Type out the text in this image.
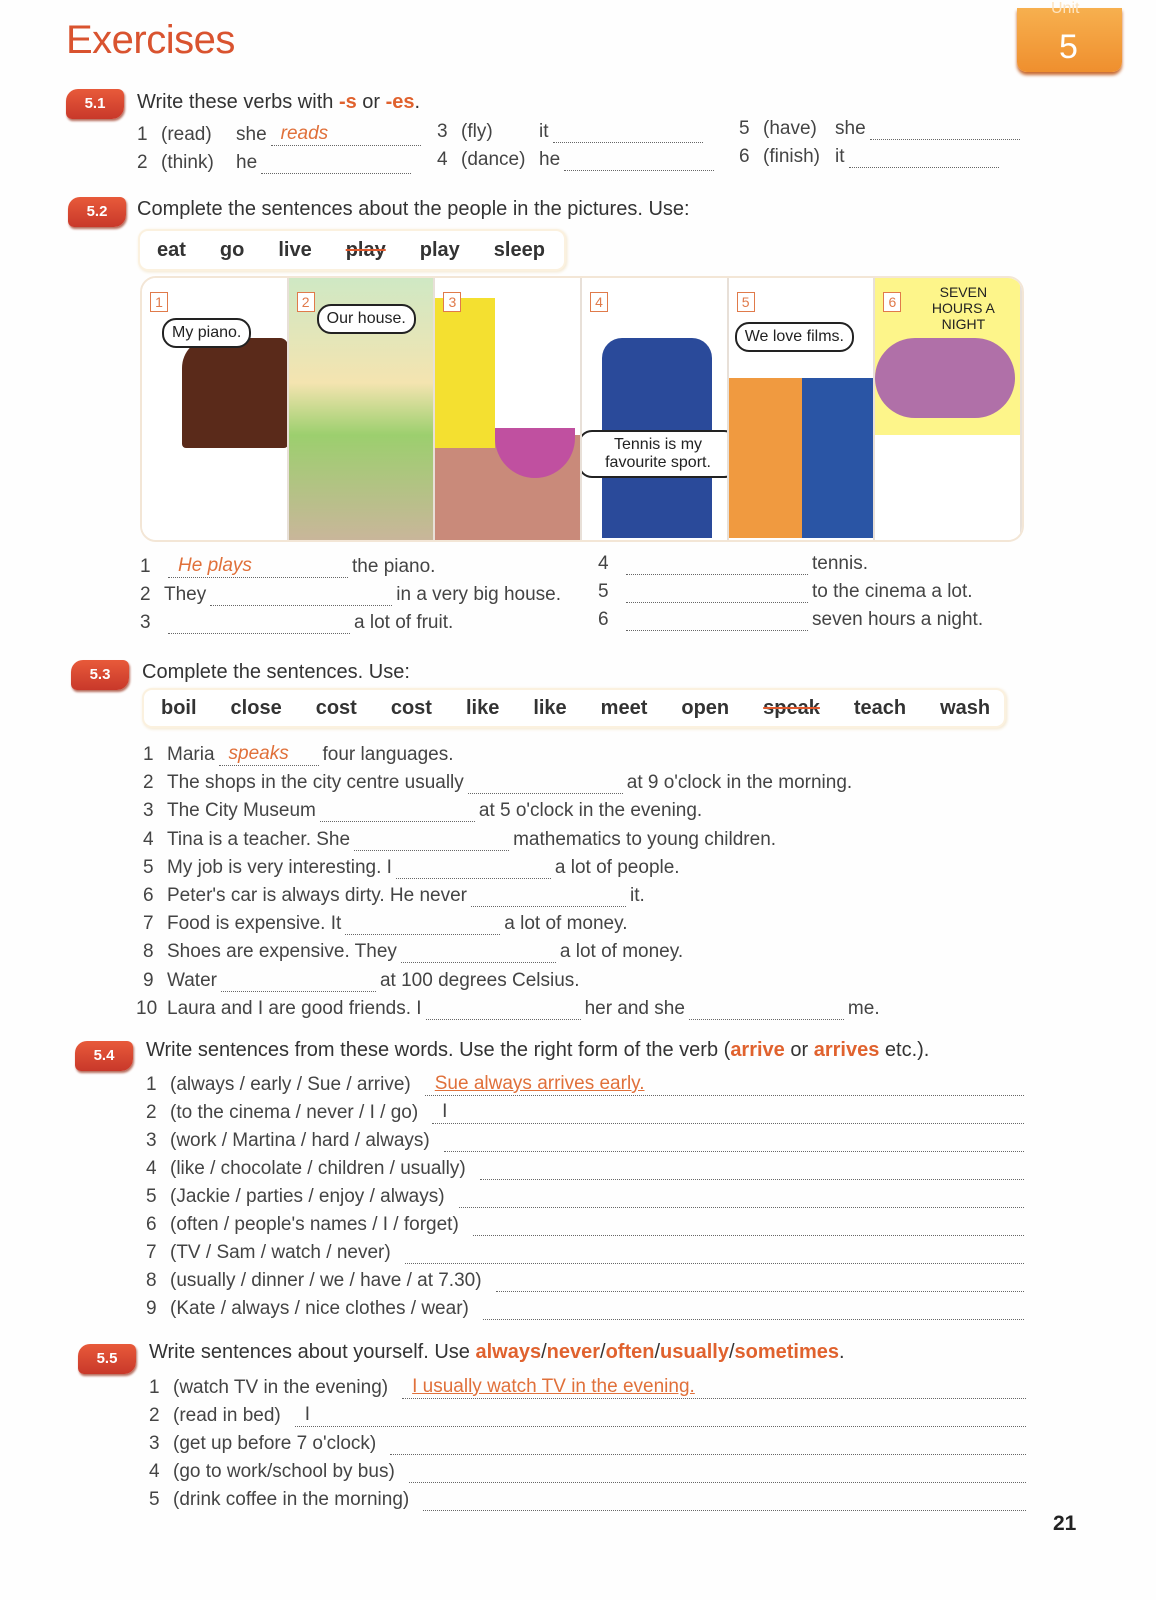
Exercises
Unit
5
5.1	Write these verbs with -s or -es.
1 (read)	she reads
2 (think)	he
3 (fly)	it
4 (dance) he
5 (have) she
6 (finish) it
5.2	Complete the sentences about the people in the pictures. Use:
eat go live play play sleep
1
My piano.
2
Our house.
3	4
Tennis is my favourite sport.
5
We love films.
6
SEVEN HOURS A NIGHT
1	He plays	the piano.
2 They	in a very big house.
3	a lot of fruit.
4	tennis.
5	to the cinema a lot.
6	seven hours a night.
5.3	Complete the sentences. Use:
boil close cost cost like like meet open speak teach wash
1 Maria speaks	four languages.
2 The shops in the city centre usually	at 9 o'clock in the morning.
3 The City Museum	at 5 o'clock in the evening.
4 Tina is a teacher. She	mathematics to young children.
5 My job is very interesting. I	a lot of people.
6 Peter's car is always dirty. He never	it.
7 Food is expensive. It	a lot of money.
8 Shoes are expensive. They	a lot of money.
9 Water	at 100 degrees Celsius.
10 Laura and I are good friends. I	her and she	me.
5.4	Write sentences from these words. Use the right form of the verb (arrive or arrives etc.).
1 (always / early / Sue / arrive)	Sue always arrives early.
2 (to the cinema / never / I / go)	I
3 (work / Martina / hard / always)
4 (like / chocolate / children / usually)
5 (Jackie / parties / enjoy / always)
6 (often / people's names / I / forget)
7 (TV / Sam / watch / never)
8 (usually / dinner / we / have / at 7.30)
9 (Kate / always / nice clothes / wear)
5.5	Write sentences about yourself. Use always/never/often/usually/sometimes.
1 (watch TV in the evening)	I usually watch TV in the evening.
2 (read in bed)	I
3 (get up before 7 o'clock)
4 (go to work/school by bus)
5 (drink coffee in the morning)
21
